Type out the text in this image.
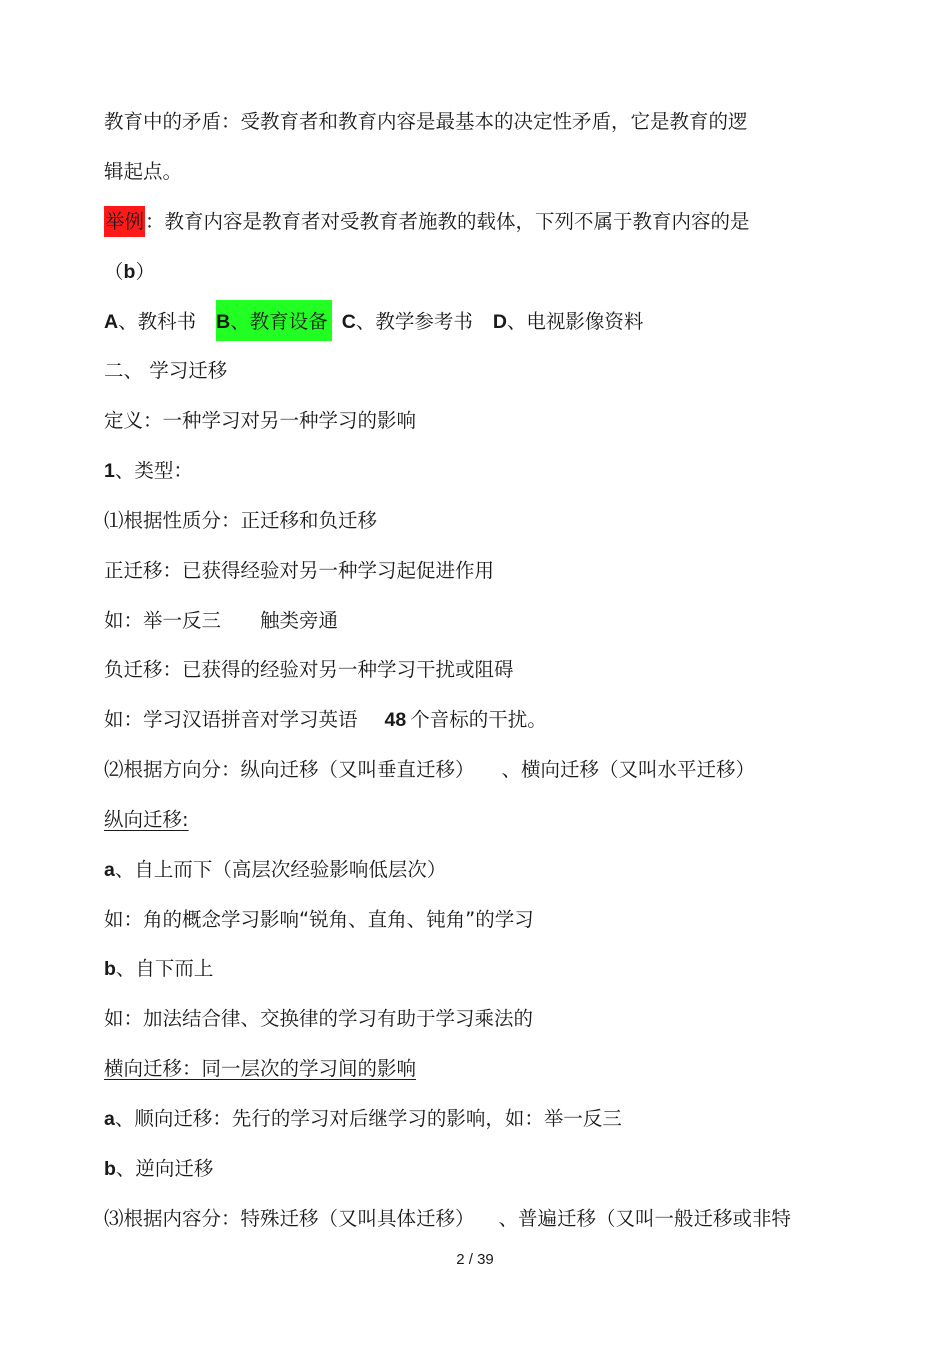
教育中的矛盾：受教育者和教育内容是最基本的决定性矛盾，它是教育的逻
辑起点。
举例：教育内容是教育者对受教育者施教的载体，下列不属于教育内容的是
（b）
A、教科书 B、教育设备 C、教学参考书 D、电视影像资料
二、 学习迁移
定义：一种学习对另一种学习的影响
1、类型：
⑴根据性质分：正迁移和负迁移
正迁移：已获得经验对另一种学习起促进作用
如：举一反三 触类旁通
负迁移：已获得的经验对另一种学习干扰或阻碍
如：学习汉语拼音对学习英语 48 个音标的干扰。
⑵根据方向分：纵向迁移（又叫垂直迁移） 、横向迁移（又叫水平迁移）
纵向迁移:
a、自上而下（高层次经验影响低层次）
如：角的概念学习影响“锐角、直角、钝角”的学习
b、自下而上
如：加法结合律、交换律的学习有助于学习乘法的
横向迁移：同一层次的学习间的影响
a、顺向迁移：先行的学习对后继学习的影响，如：举一反三
b、逆向迁移
⑶根据内容分：特殊迁移（又叫具体迁移） 、普遍迁移（又叫一般迁移或非特
2 / 39
